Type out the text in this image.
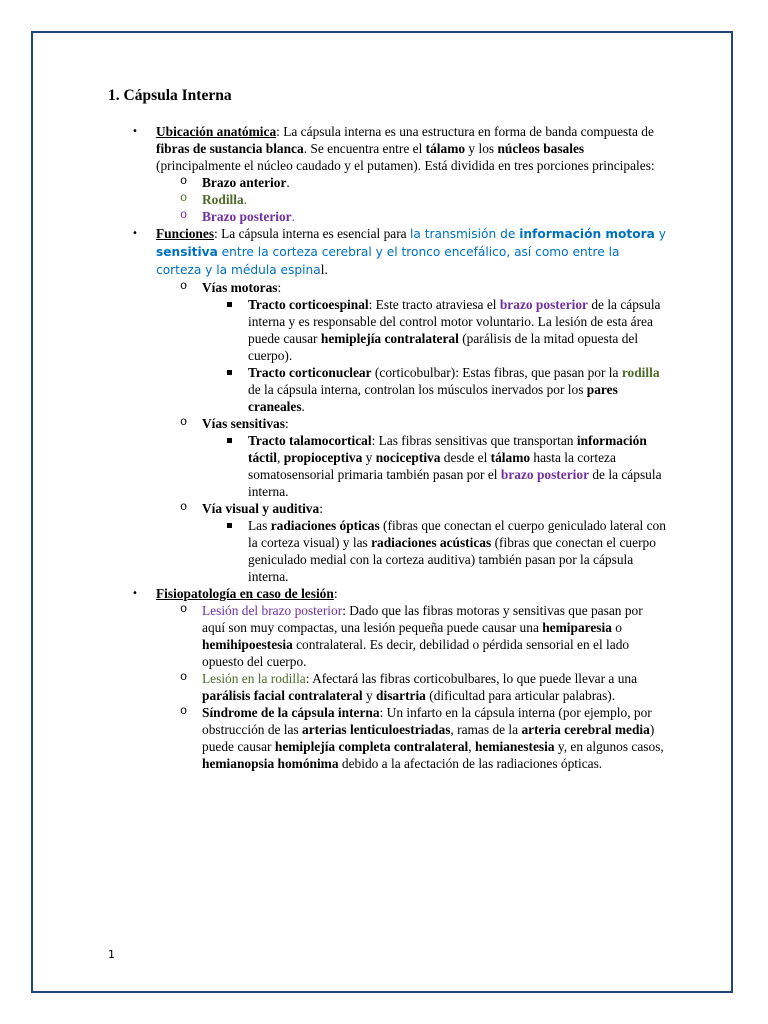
1. Cápsula Interna
• Ubicación anatómica: La cápsula interna es una estructura en forma de banda compuesta de fibras de sustancia blanca. Se encuentra entre el tálamo y los núcleos basales (principalmente el núcleo caudado y el putamen). Está dividida en tres porciones principales:
o Brazo anterior.
o Rodilla.
o Brazo posterior.
• Funciones: La cápsula interna es esencial para la transmisión de información motora y sensitiva entre la corteza cerebral y el tronco encefálico, así como entre la corteza y la médula espinal.
o Vías motoras:
Tracto corticoespinal: Este tracto atraviesa el brazo posterior de la cápsula interna y es responsable del control motor voluntario. La lesión de esta área puede causar hemiplejía contralateral (parálisis de la mitad opuesta del cuerpo).
Tracto corticonuclear (corticobulbar): Estas fibras, que pasan por la rodilla de la cápsula interna, controlan los músculos inervados por los pares craneales.
o Vías sensitivas:
Tracto talamocortical: Las fibras sensitivas que transportan información táctil, propioceptiva y nociceptiva desde el tálamo hasta la corteza somatosensorial primaria también pasan por el brazo posterior de la cápsula interna.
o Vía visual y auditiva:
Las radiaciones ópticas (fibras que conectan el cuerpo geniculado lateral con la corteza visual) y las radiaciones acústicas (fibras que conectan el cuerpo geniculado medial con la corteza auditiva) también pasan por la cápsula interna.
• Fisiopatología en caso de lesión:
o Lesión del brazo posterior: Dado que las fibras motoras y sensitivas que pasan por aquí son muy compactas, una lesión pequeña puede causar una hemiparesia o hemihipoestesia contralateral. Es decir, debilidad o pérdida sensorial en el lado opuesto del cuerpo.
o Lesión en la rodilla: Afectará las fibras corticobulbares, lo que puede llevar a una parálisis facial contralateral y disartria (dificultad para articular palabras).
o Síndrome de la cápsula interna: Un infarto en la cápsula interna (por ejemplo, por obstrucción de las arterias lenticuloestriadas, ramas de la arteria cerebral media) puede causar hemiplejía completa contralateral, hemianestesia y, en algunos casos, hemianopsia homónima debido a la afectación de las radiaciones ópticas.
1
